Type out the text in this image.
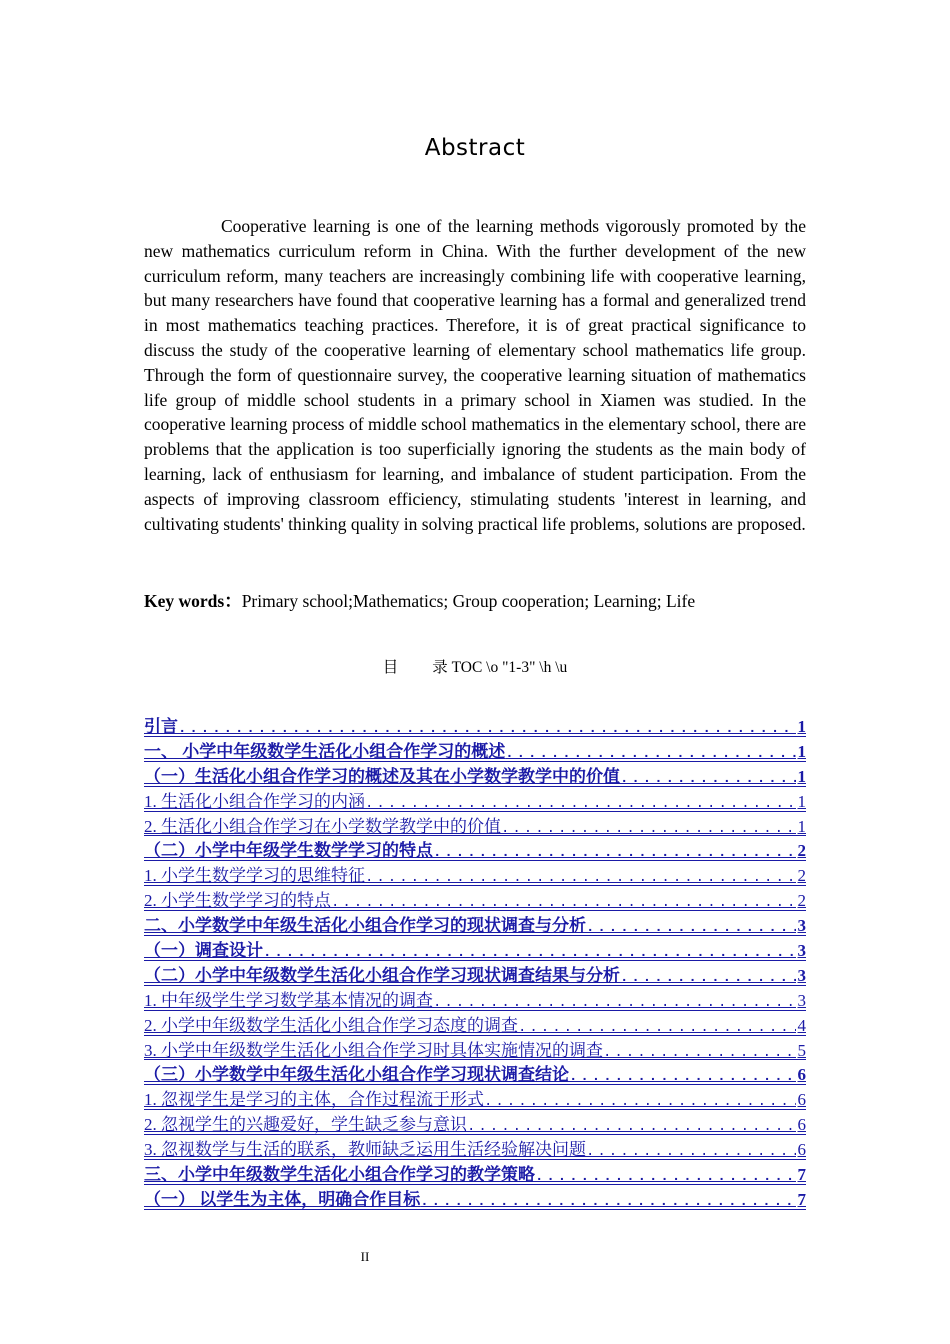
Abstract

Cooperative learning is one of the learning methods vigorously promoted by the new mathematics curriculum reform in China. With the further development of the new curriculum reform, many teachers are increasingly combining life with cooperative learning, but many researchers have found that cooperative learning has a formal and generalized trend in most mathematics teaching practices. Therefore, it is of great practical significance to discuss the study of the cooperative learning of elementary school mathematics life group. Through the form of questionnaire survey, the cooperative learning situation of mathematics life group of middle school students in a primary school in Xiamen was studied. In the cooperative learning process of middle school mathematics in the elementary school, there are problems that the application is too superficially ignoring the students as the main body of learning, lack of enthusiasm for learning, and imbalance of student participation. From the aspects of improving classroom efficiency, stimulating students 'interest in learning, and cultivating students' thinking quality in solving practical life problems, solutions are proposed.

Key words：Primary school;Mathematics; Group cooperation; Learning; Life
目 录 TOC \o "1-3" \h \u
引言 .....	1
一、 小学中年级数学生活化小组合作学习的概述 .....	1
（一）生活化小组合作学习的概述及其在小学数学教学中的价值 .....	1
1. 生活化小组合作学习的内涵 .....	1
2. 生活化小组合作学习在小学数学教学中的价值 .....	1
（二）小学中年级学生数学学习的特点 .....	2
1. 小学生数学学习的思维特征 .....	2
2. 小学生数学学习的特点 .....	2
二、小学数学中年级生活化小组合作学习的现状调查与分析 .....	3
（一）调查设计 .....	3
（二）小学中年级数学生活化小组合作学习现状调查结果与分析 .....	3
1. 中年级学生学习数学基本情况的调查 .....	3
2. 小学中年级数学生活化小组合作学习态度的调查 .....	4
3. 小学中年级数学生活化小组合作学习时具体实施情况的调查 .....	5
（三）小学数学中年级生活化小组合作学习现状调查结论 .....	6
1. 忽视学生是学习的主体，合作过程流于形式 .....	6
2. 忽视学生的兴趣爱好，学生缺乏参与意识 .....	6
3. 忽视数学与生活的联系，教师缺乏运用生活经验解决问题 .....	6
三、小学中年级数学生活化小组合作学习的教学策略 .....	7
（一） 以学生为主体，明确合作目标 .....	7
II
